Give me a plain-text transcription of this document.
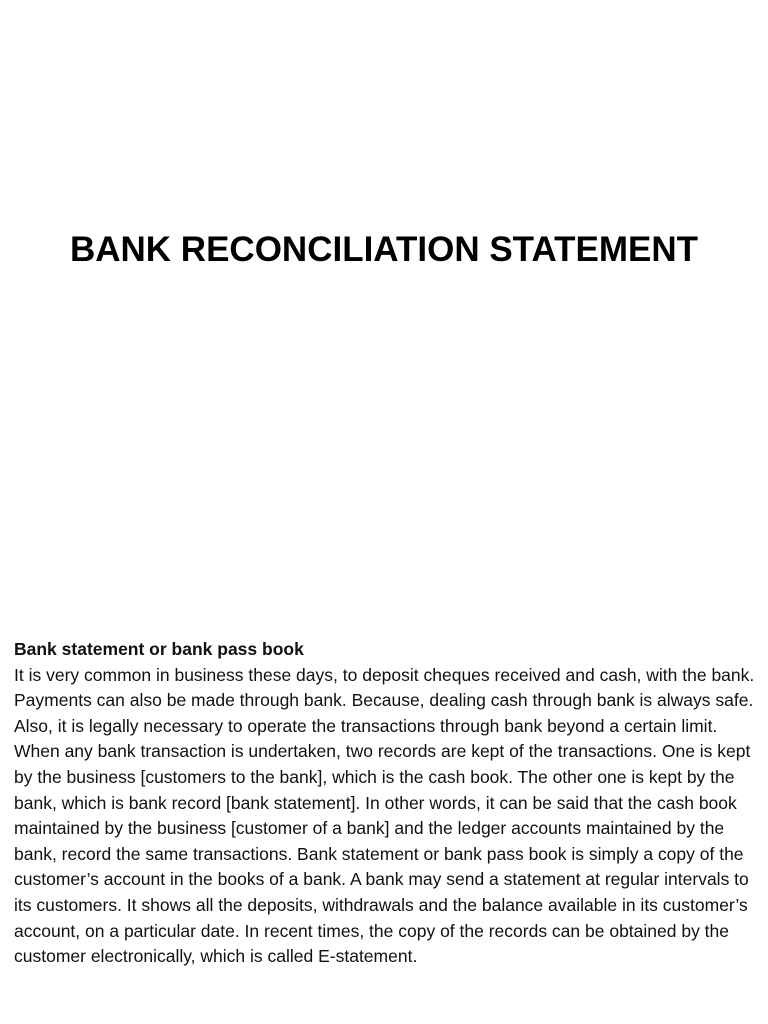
BANK RECONCILIATION STATEMENT

Bank statement or bank pass book

It is very common in business these days, to deposit cheques received and cash, with the bank. Payments can also be made through bank. Because, dealing cash through bank is always safe. Also, it is legally necessary to operate the transactions through bank beyond a certain limit.

When any bank transaction is undertaken, two records are kept of the transactions. One is kept by the business [customers to the bank], which is the cash book. The other one is kept by the bank, which is bank record [bank statement]. In other words, it can be said that the cash book maintained by the business [customer of a bank] and the ledger accounts maintained by the bank, record the same transactions. Bank statement or bank pass book is simply a copy of the customer’s account in the books of a bank. A bank may send a statement at regular intervals to its customers. It shows all the deposits, withdrawals and the balance available in its customer’s account, on a particular date. In recent times, the copy of the records can be obtained by the customer electronically, which is called E-statement.
